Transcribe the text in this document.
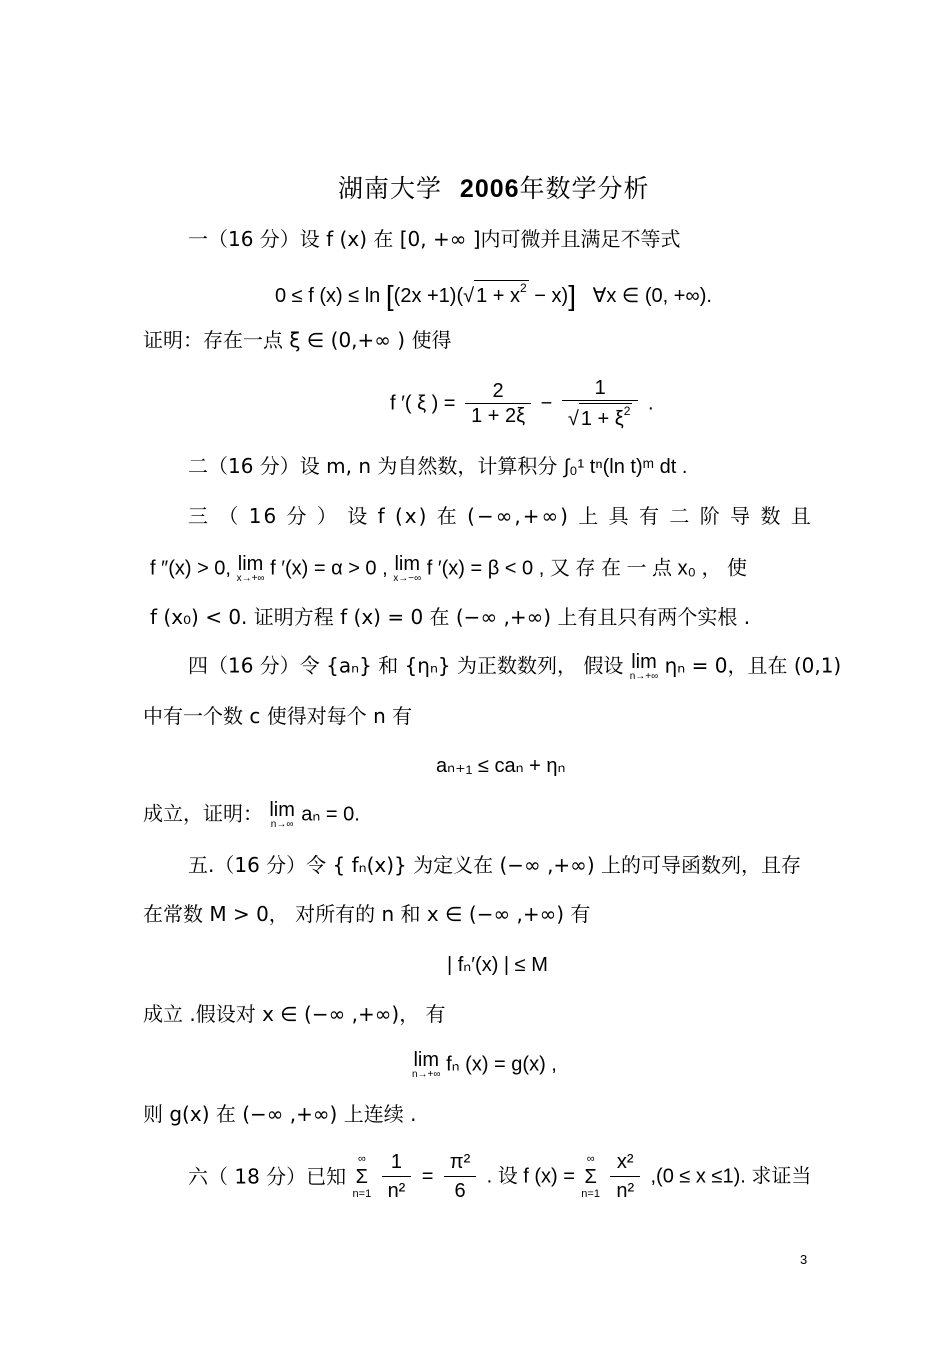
湖南大学 2006年数学分析
一（16 分）设 f (x) 在 [0, +∞ ]内可微并且满足不等式
0 ≤ f (x) ≤ ln [(2x +1)(√ $1 + x^2 - x$)] ∀x ∈ (0, +∞).
证明：存在一点 ξ ∈ (0,+∞ ) 使得
f ′( ξ ) = $\frac{2}{1 + 2\xi} - \frac{1}{√ 1 + \xi^2}$ .
二（16 分）设 m, n 为自然数，计算积分 ∫₀¹ tⁿ(ln t)ᵐ dt .
三 （ 16 分 ） 设 f (x) 在 (−∞,+∞) 上 具 有 二 阶 导 数 且
f ″(x) > 0, lim
x→+∞ f ′(x) = α > 0 , lim
x→−∞ f ′(x) = β < 0 , 又 存 在 一 点 x₀ ， 使
f (x₀) < 0. 证明方程 f (x) = 0 在 (−∞ ,+∞) 上有且只有两个实根 .
四（16 分）令 {aₙ} 和 {ηₙ} 为正数数列， 假设 lim
n→+∞ ηₙ = 0，且在 (0,1)
中有一个数 c 使得对每个 n 有
aₙ₊₁ ≤ caₙ + ηₙ
成立，证明： lim
n→∞ aₙ = 0.
五.（16 分）令 { fₙ(x)} 为定义在 (−∞ ,+∞) 上的可导函数列，且存
在常数 M > 0， 对所有的 n 和 x ∈ (−∞ ,+∞) 有
| fₙ′(x) | ≤ M
成立 .假设对 x ∈ (−∞ ,+∞)， 有
lim
n→+∞ fₙ (x) = g(x) ,
则 g(x) 在 (−∞ ,+∞) 上连续 .
六（ 18 分）已知
∞
Σ
n=1
$\frac{1}{\text{n²}} = \frac{\text{π²}}{6}$ . 设 f (x) =
∞
Σ
n=1
$\frac{\text{x²}}{\text{n²}} ,(0 \le x \le 1)$. 求证当
3
